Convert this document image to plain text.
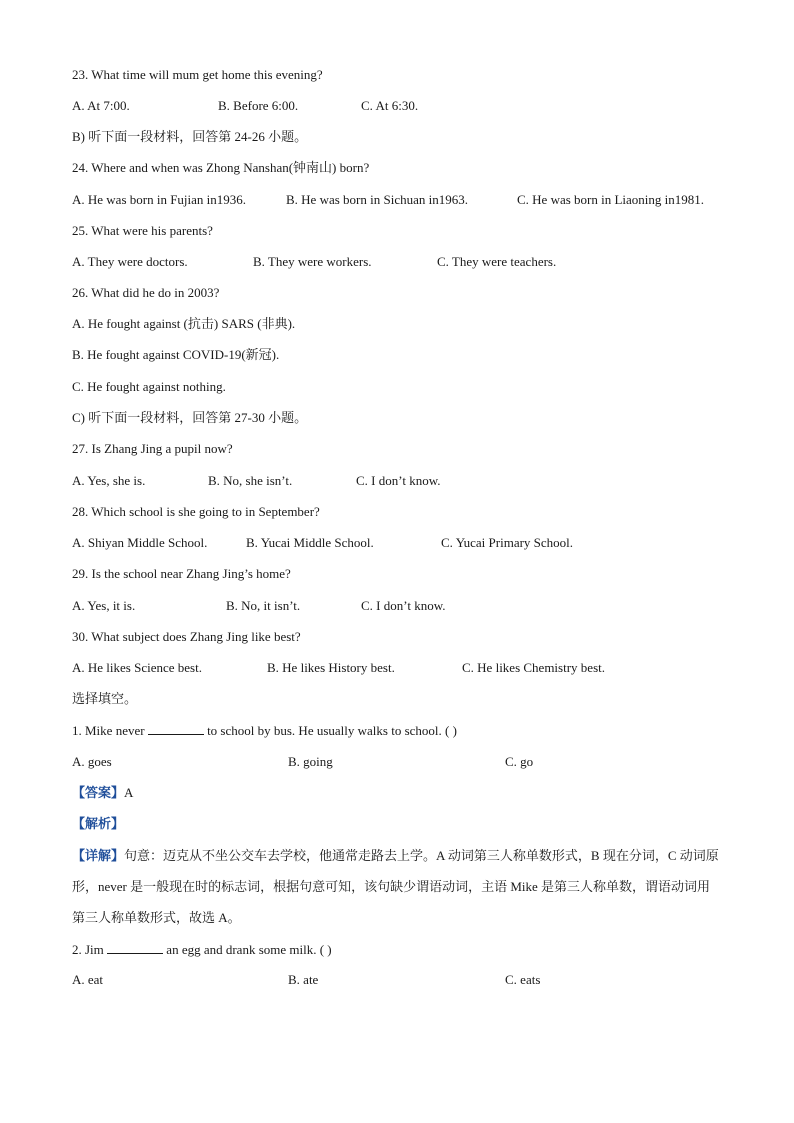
23. What time will mum get home this evening?
A. At 7:00.	B. Before 6:00.	C. At 6:30.
B) 听下面一段材料，回答第 24-26 小题。
24. Where and when was Zhong Nanshan(钟南山) born?
A. He was born in Fujian in1936.	B. He was born in Sichuan in1963.	C. He was born in Liaoning in1981.
25. What were his parents?
A. They were doctors.	B. They were workers.	C. They were teachers.
26. What did he do in 2003?
A. He fought against (抗击) SARS (非典).
B. He fought against COVID-19(新冠).
C. He fought against nothing.
C) 听下面一段材料，回答第 27-30 小题。
27. Is Zhang Jing a pupil now?
A. Yes, she is.	B. No, she isn’t.	C. I don’t know.
28. Which school is she going to in September?
A. Shiyan Middle School.	B. Yucai Middle School.	C. Yucai Primary School.
29. Is the school near Zhang Jing’s home?
A. Yes, it is.	B. No, it isn’t.	C. I don’t know.
30. What subject does Zhang Jing like best?
A. He likes Science best.	B. He likes History best.	C. He likes Chemistry best.
选择填空。
1. Mike never	to school by bus. He usually walks to school. ( )
A. goes	B. going	C. go
【答案】A
【解析】
【详解】句意：迈克从不坐公交车去学校，他通常走路去上学。A 动词第三人称单数形式，B 现在分词，C 动词原形，never 是一般现在时的标志词，根据句意可知，该句缺少谓语动词，主语 Mike 是第三人称单数，谓语动词用第三人称单数形式，故选 A。
2. Jim	an egg and drank some milk. ( )
A. eat	B. ate	C. eats
